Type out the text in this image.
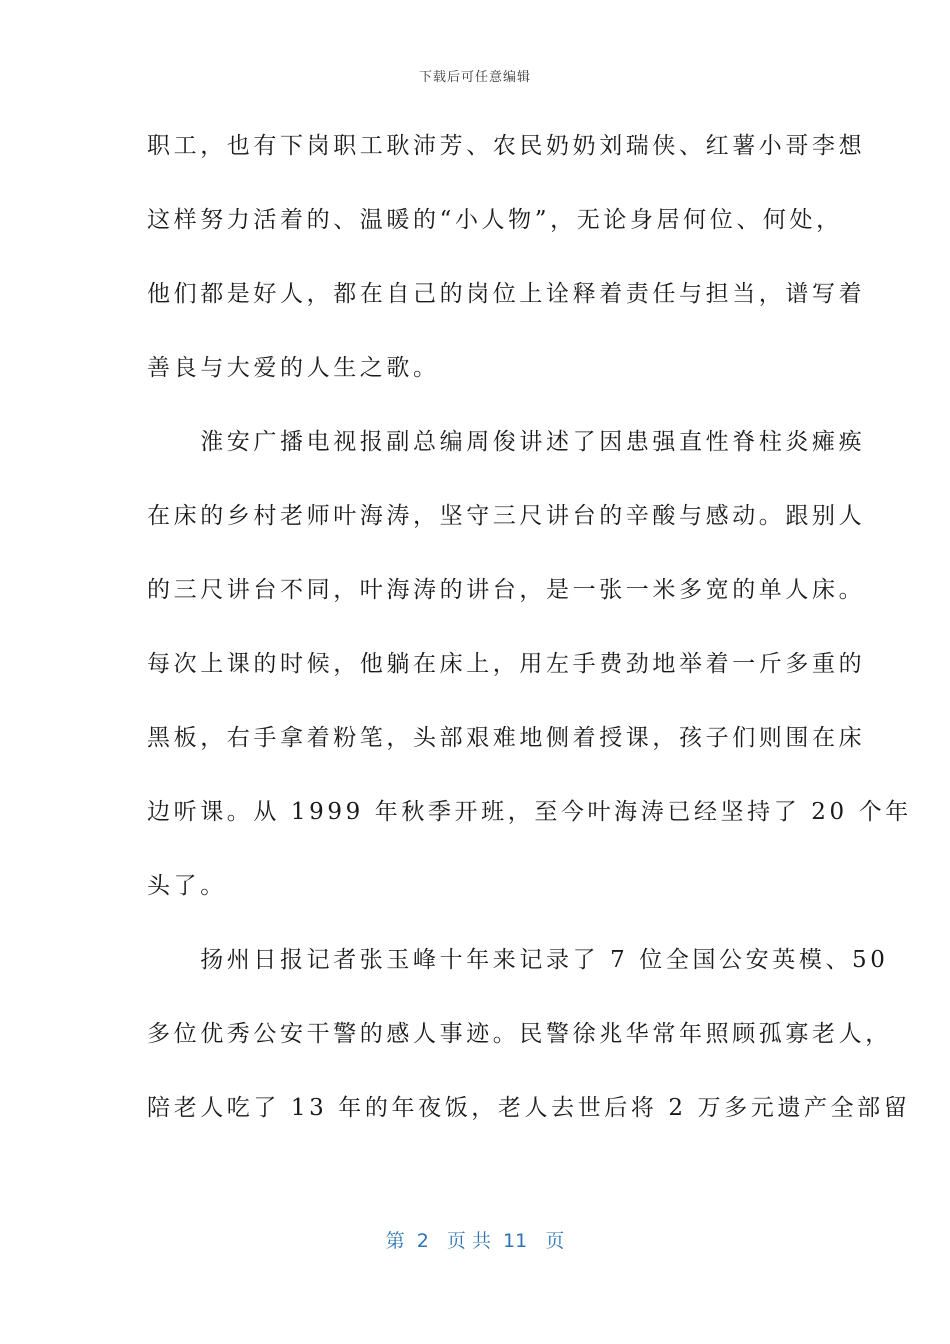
下载后可任意编辑
职工，也有下岗职工耿沛芳、农民奶奶刘瑞侠、红薯小哥李想
这样努力活着的、温暖的“小人物”，无论身居何位、何处，
他们都是好人，都在自己的岗位上诠释着责任与担当，谱写着
善良与大爱的人生之歌。
　　淮安广播电视报副总编周俊讲述了因患强直性脊柱炎瘫痪
在床的乡村老师叶海涛，坚守三尺讲台的辛酸与感动。跟别人
的三尺讲台不同，叶海涛的讲台，是一张一米多宽的单人床。
每次上课的时候，他躺在床上，用左手费劲地举着一斤多重的
黑板，右手拿着粉笔，头部艰难地侧着授课，孩子们则围在床
边听课。从 1999 年秋季开班，至今叶海涛已经坚持了 20 个年
头了。
　　扬州日报记者张玉峰十年来记录了 7 位全国公安英模、50
多位优秀公安干警的感人事迹。民警徐兆华常年照顾孤寡老人，
陪老人吃了 13 年的年夜饭，老人去世后将 2 万多元遗产全部留
第  2   页 共  11   页
